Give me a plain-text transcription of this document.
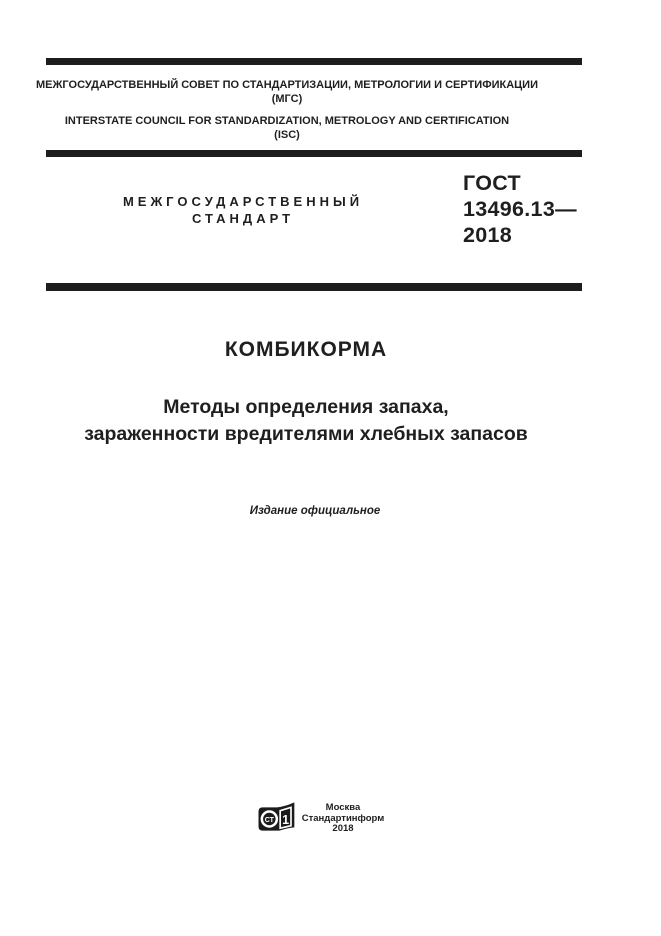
МЕЖГОСУДАРСТВЕННЫЙ СОВЕТ ПО СТАНДАРТИЗАЦИИ, МЕТРОЛОГИИ И СЕРТИФИКАЦИИ

(МГС)

INTERSTATE COUNCIL FOR STANDARDIZATION, METROLOGY AND CERTIFICATION

(ISC)

МЕЖГОСУДАРСТВЕННЫЙ
СТАНДАРТ
ГОСТ
13496.13—
2018
КОМБИКОРМА
Методы определения запаха,
зараженности вредителями хлебных запасов
Издание официальное
СТ 1
Москва
Стандартинформ
2018
